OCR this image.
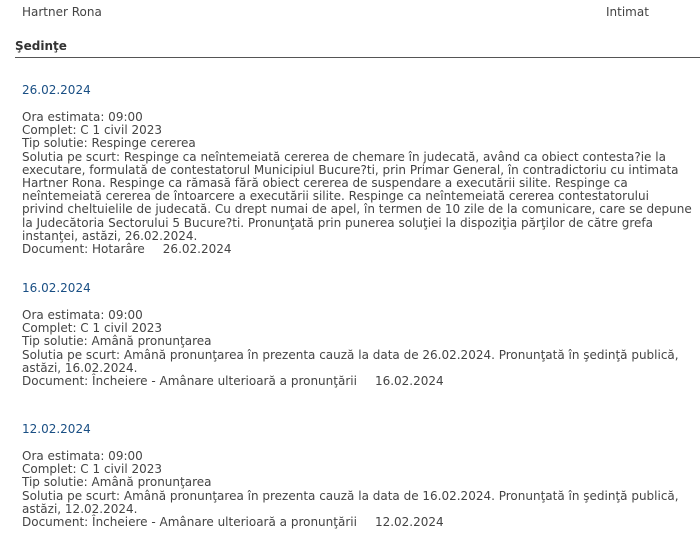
Hartner Rona	Intimat
Şedinţe
26.02.2024
Ora estimata: 09:00
Complet: C 1 civil 2023
Tip solutie: Respinge cererea
Solutia pe scurt: Respinge ca neîntemeiată cererea de chemare în judecată, având ca obiect contesta?ie la executare, formulată de contestatorul Municipiul Bucure?ti, prin Primar General, în contradictoriu cu intimata Hartner Rona. Respinge ca rămasă fără obiect cererea de suspendare a executării silite. Respinge ca neîntemeiată cererea de întoarcere a executării silite. Respinge ca neîntemeiată cererea contestatorului privind cheltuielile de judecată. Cu drept numai de apel, în termen de 10 zile de la comunicare, care se depune la Judecătoria Sectorului 5 Bucure?ti. Pronunţată prin punerea soluţiei la dispoziţia părţilor de către grefa instanţei, astăzi, 26.02.2024.
Document: Hotarâre 26.02.2024
16.02.2024
Ora estimata: 09:00
Complet: C 1 civil 2023
Tip solutie: Amână pronunţarea
Solutia pe scurt: Amână pronunţarea în prezenta cauză la data de 26.02.2024. Pronunţată în şedinţă publică, astăzi, 16.02.2024.
Document: Încheiere - Amânare ulterioară a pronunţării 16.02.2024
12.02.2024
Ora estimata: 09:00
Complet: C 1 civil 2023
Tip solutie: Amână pronunţarea
Solutia pe scurt: Amână pronunţarea în prezenta cauză la data de 16.02.2024. Pronunţată în şedinţă publică, astăzi, 12.02.2024.
Document: Încheiere - Amânare ulterioară a pronunţării 12.02.2024
